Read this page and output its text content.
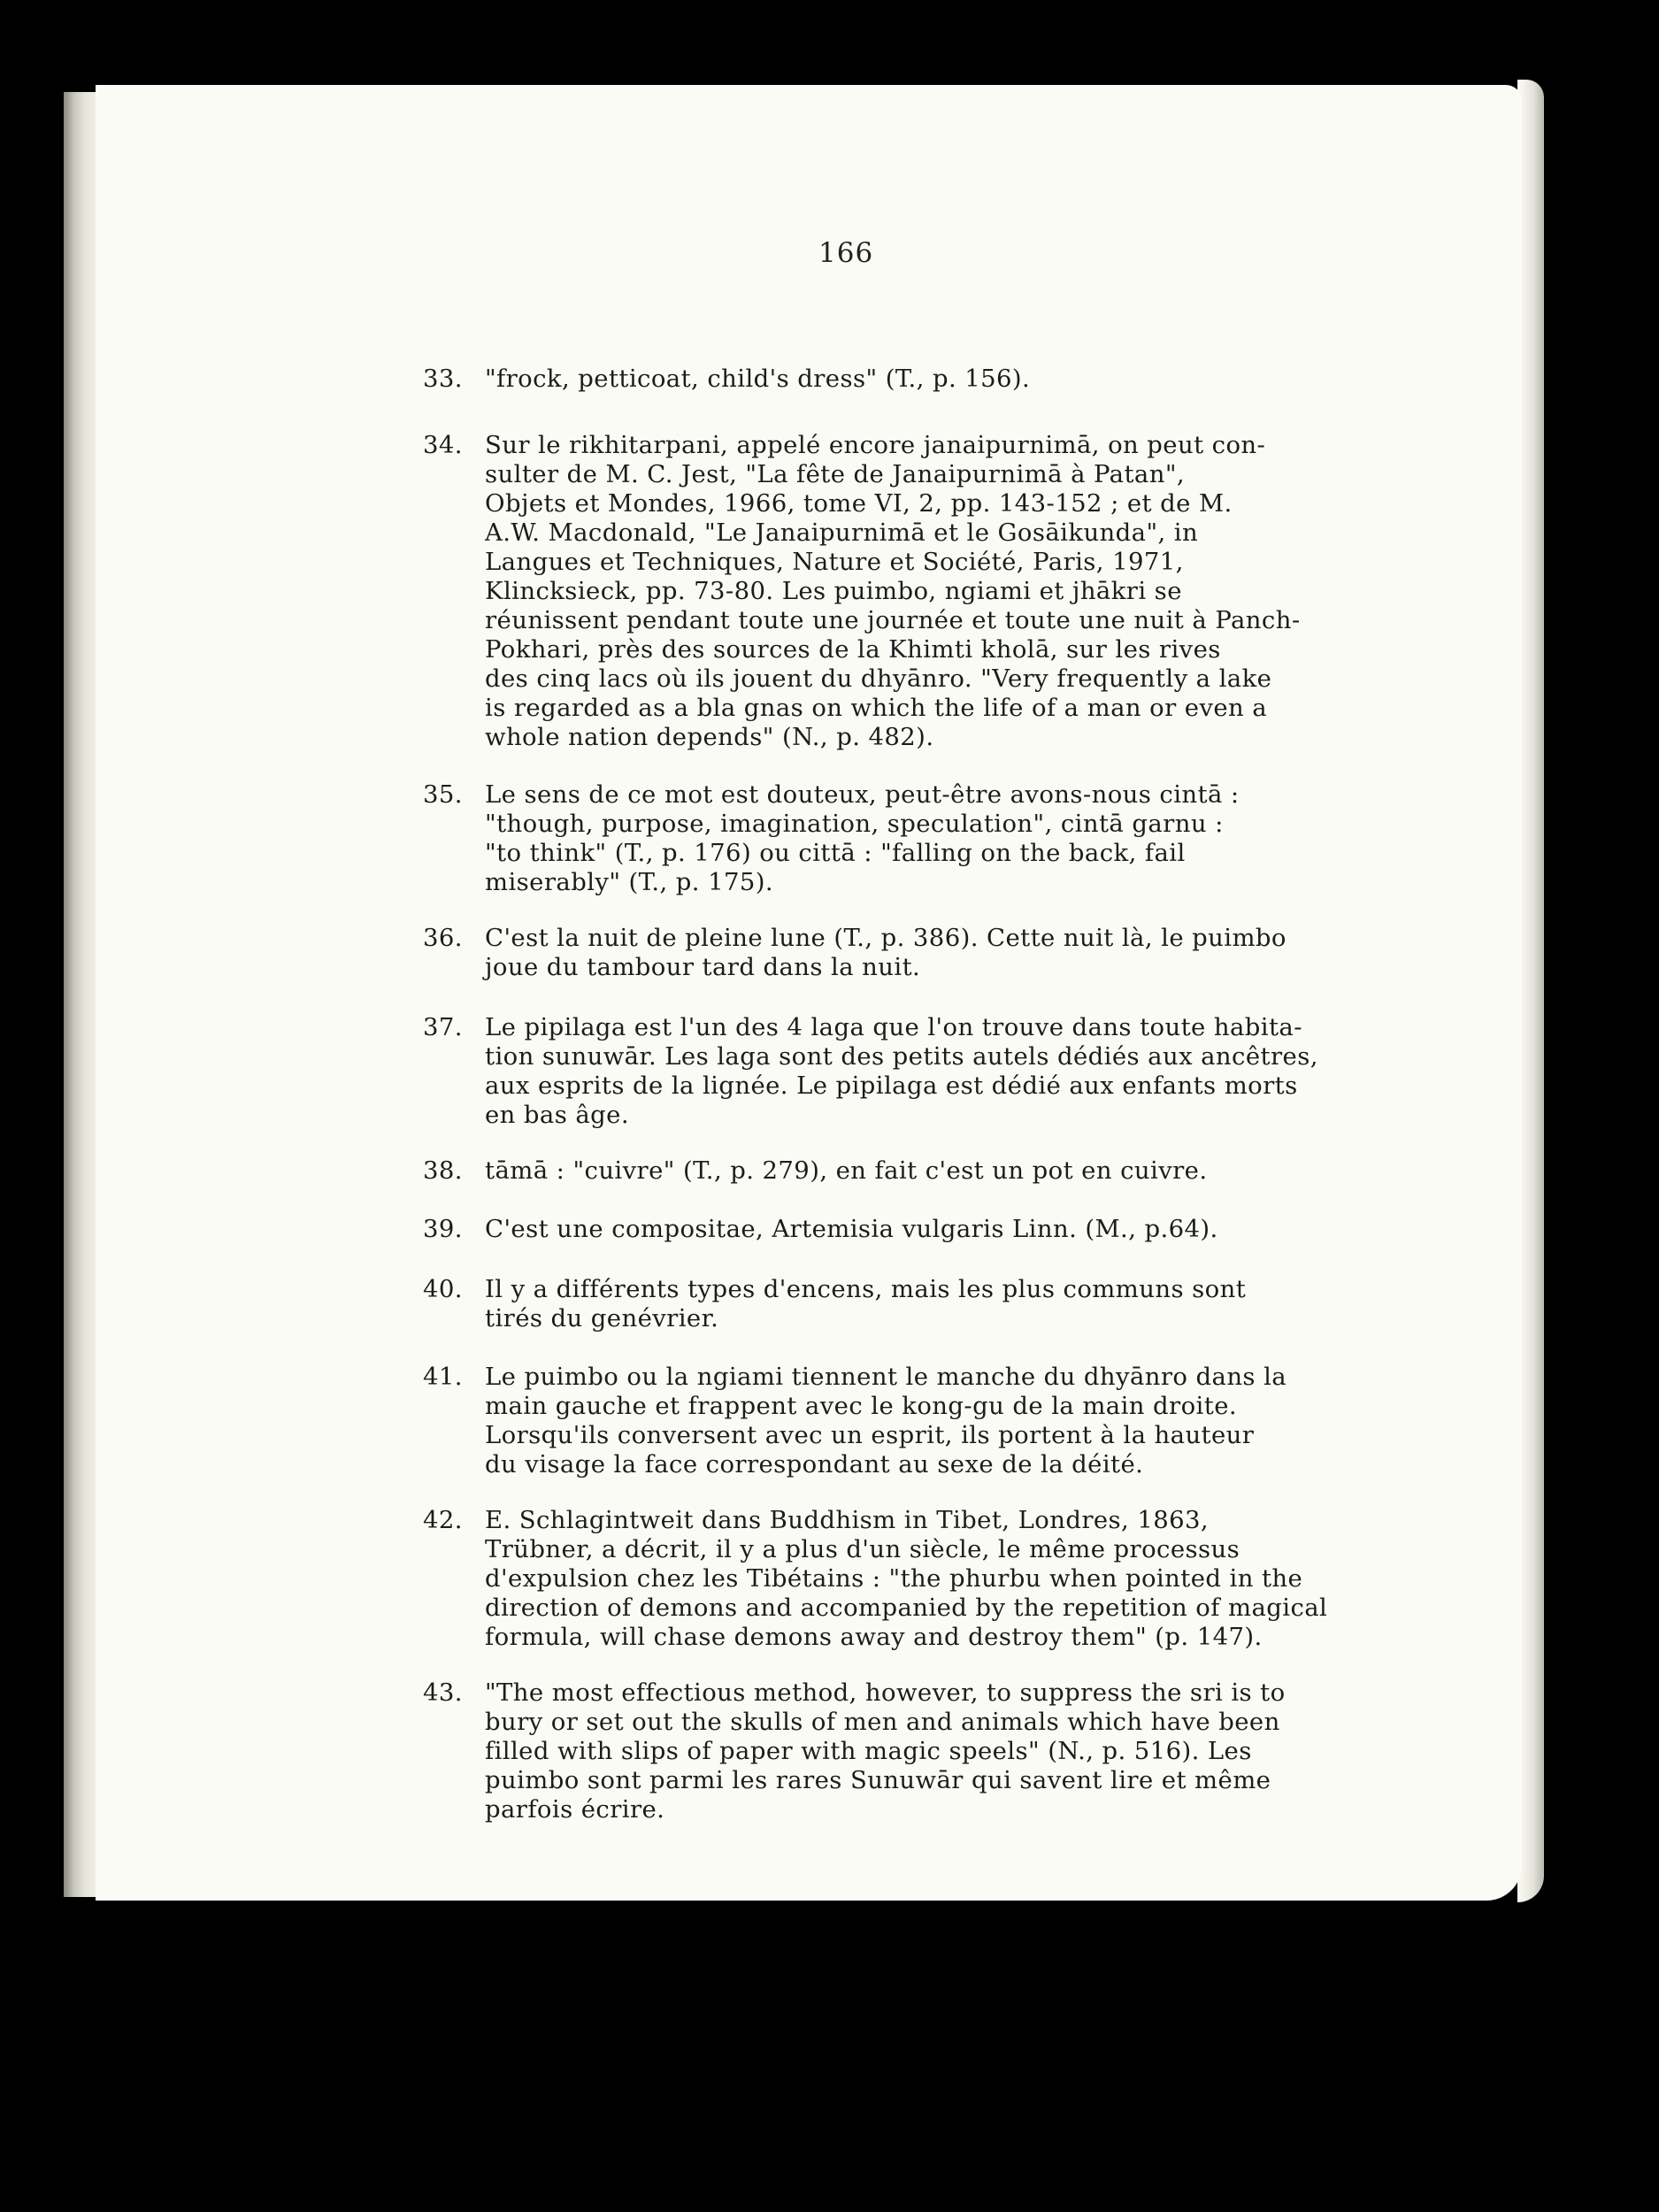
166
33. "frock, petticoat, child's dress" (T., p. 156).
34. Sur le rikhitarpani, appelé encore janaipurnimā, on peut con-
sulter de M. C. Jest, "La fête de Janaipurnimā à Patan",
Objets et Mondes, 1966, tome VI, 2, pp. 143-152 ; et de M.
A.W. Macdonald, "Le Janaipurnimā et le Gosāikunda", in
Langues et Techniques, Nature et Société, Paris, 1971,
Klincksieck, pp. 73-80. Les puimbo, ngiami et jhākri se
réunissent pendant toute une journée et toute une nuit à Panch-
Pokhari, près des sources de la Khimti kholā, sur les rives
des cinq lacs où ils jouent du dhyānro. "Very frequently a lake
is regarded as a bla gnas on which the life of a man or even a
whole nation depends" (N., p. 482).
35. Le sens de ce mot est douteux, peut-être avons-nous cintā :
"though, purpose, imagination, speculation", cintā garnu :
"to think" (T., p. 176) ou cittā : "falling on the back, fail
miserably" (T., p. 175).
36. C'est la nuit de pleine lune (T., p. 386). Cette nuit là, le puimbo
joue du tambour tard dans la nuit.
37. Le pipilaga est l'un des 4 laga que l'on trouve dans toute habita-
tion sunuwār. Les laga sont des petits autels dédiés aux ancêtres,
aux esprits de la lignée. Le pipilaga est dédié aux enfants morts
en bas âge.
38. tāmā : "cuivre" (T., p. 279), en fait c'est un pot en cuivre.
39. C'est une compositae, Artemisia vulgaris Linn. (M., p.64).
40. Il y a différents types d'encens, mais les plus communs sont
tirés du genévrier.
41. Le puimbo ou la ngiami tiennent le manche du dhyānro dans la
main gauche et frappent avec le kong-gu de la main droite.
Lorsqu'ils conversent avec un esprit, ils portent à la hauteur
du visage la face correspondant au sexe de la déité.
42. E. Schlagintweit dans Buddhism in Tibet, Londres, 1863,
Trübner, a décrit, il y a plus d'un siècle, le même processus
d'expulsion chez les Tibétains : "the phurbu when pointed in the
direction of demons and accompanied by the repetition of magical
formula, will chase demons away and destroy them" (p. 147).
43. "The most effectious method, however, to suppress the sri is to
bury or set out the skulls of men and animals which have been
filled with slips of paper with magic speels" (N., p. 516). Les
puimbo sont parmi les rares Sunuwār qui savent lire et même
parfois écrire.
